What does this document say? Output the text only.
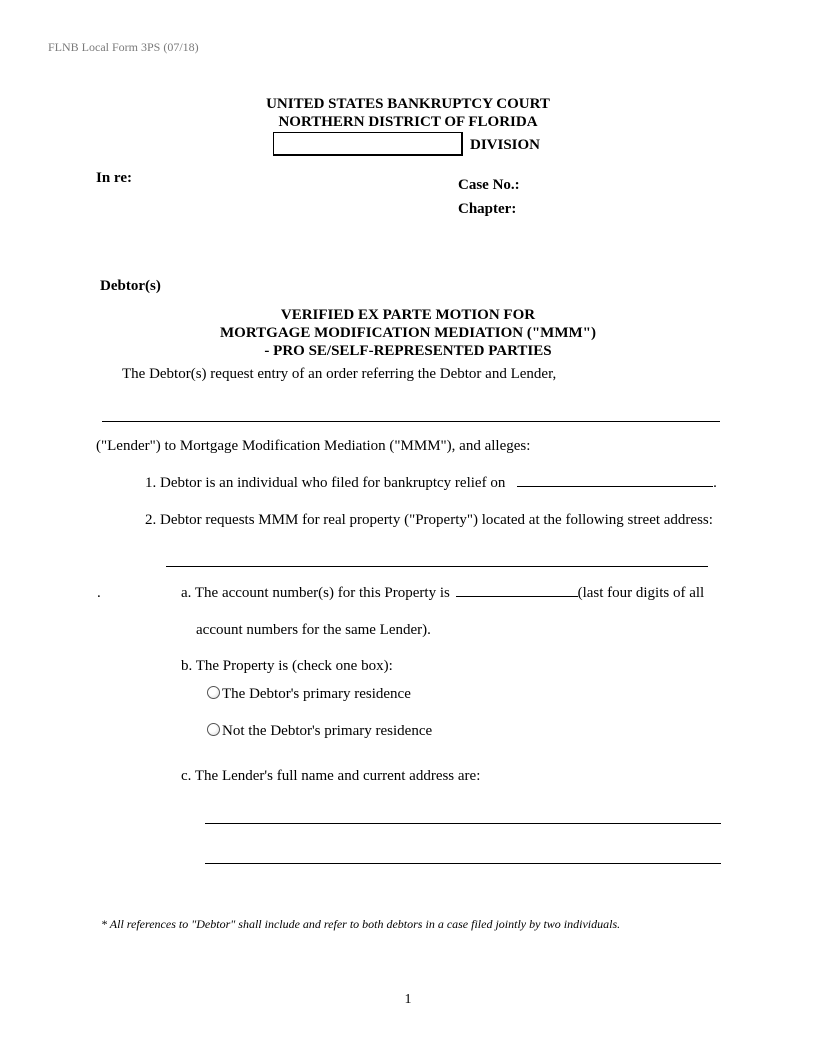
FLNB Local Form 3PS (07/18)
UNITED STATES BANKRUPTCY COURT
NORTHERN DISTRICT OF FLORIDA
DIVISION
In re:	Case No.:
Chapter:
Debtor(s)
VERIFIED EX PARTE MOTION FOR
MORTGAGE MODIFICATION MEDIATION ("MMM")
- PRO SE/SELF-REPRESENTED PARTIES
The Debtor(s) request entry of an order referring the Debtor and Lender,
("Lender") to Mortgage Modification Mediation ("MMM"), and alleges:
1. Debtor is an individual who filed for bankruptcy relief on	.
2. Debtor requests MMM for real property ("Property") located at the following street address:
.	a. The account number(s) for this Property is	(last four digits of all
account numbers for the same Lender).
b. The Property is (check one box):
The Debtor's primary residence
Not the Debtor's primary residence
c. The Lender's full name and current address are:
* All references to "Debtor" shall include and refer to both debtors in a case filed jointly by two individuals.
1
